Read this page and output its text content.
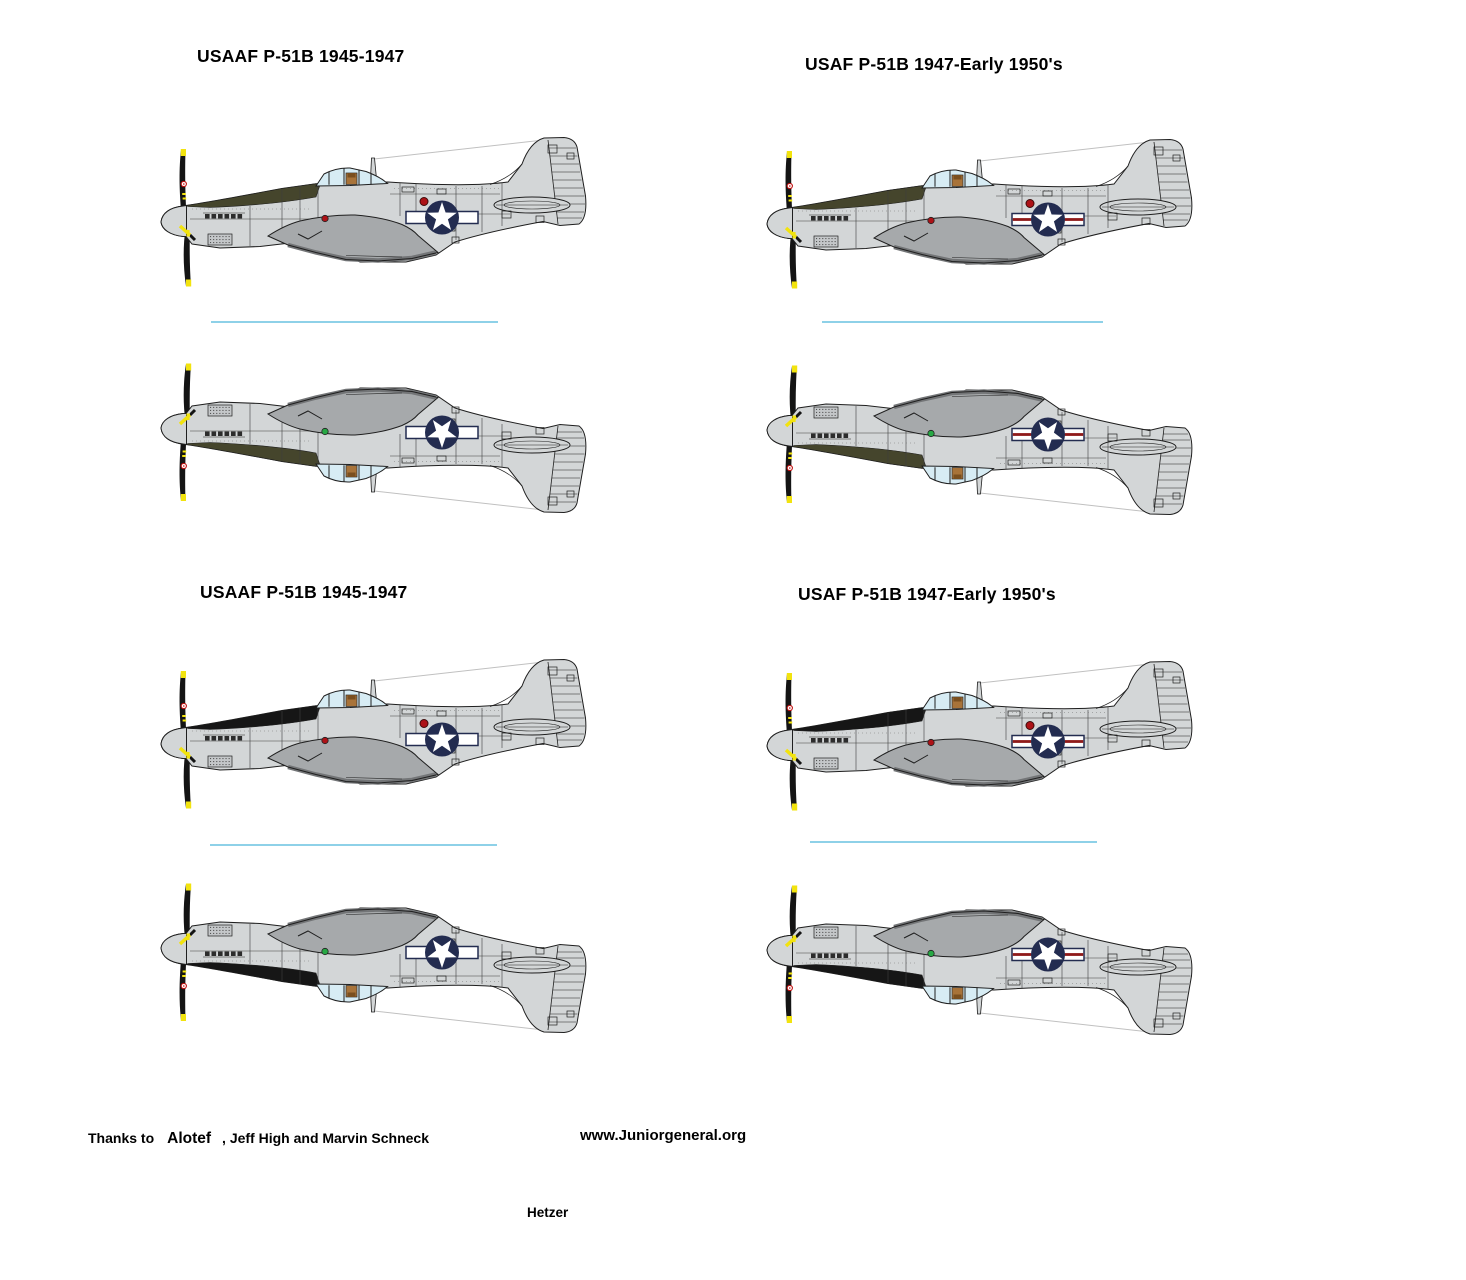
USAAF P-51B 1945-1947	USAF P-51B 1947-Early 1950's
USAAF P-51B 1945-1947	USAF P-51B 1947-Early 1950's
Thanks to Alotef , Jeff High and Marvin Schneck	www.Juniorgeneral.org
Hetzer
